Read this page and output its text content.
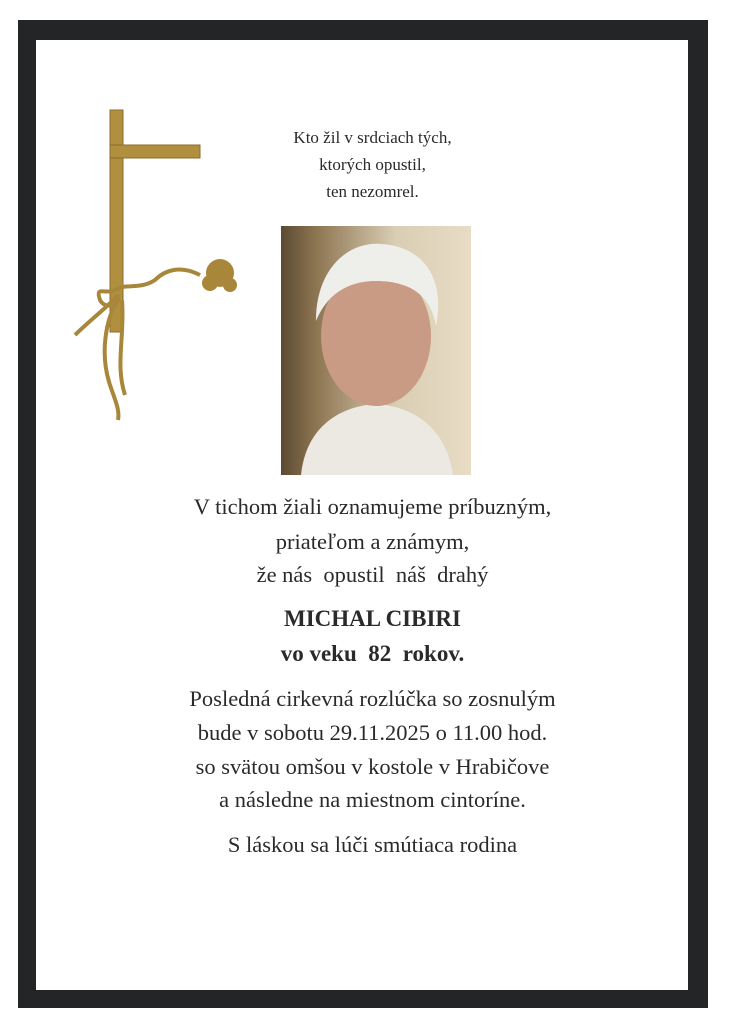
Kto žil v srdciach tých,
ktorých opustil,
ten nezomrel.
V tichom žiali oznamujeme príbuzným,
priateľom a známym,
že nás  opustil  náš  drahý
MICHAL CIBIRI
vo veku  82  rokov.
Posledná cirkevná rozlúčka so zosnulým
bude v sobotu 29.11.2025 o 11.00 hod.
so svätou omšou v kostole v Hrabičove
a následne na miestnom cintoríne.
S láskou sa lúči smútiaca rodina
